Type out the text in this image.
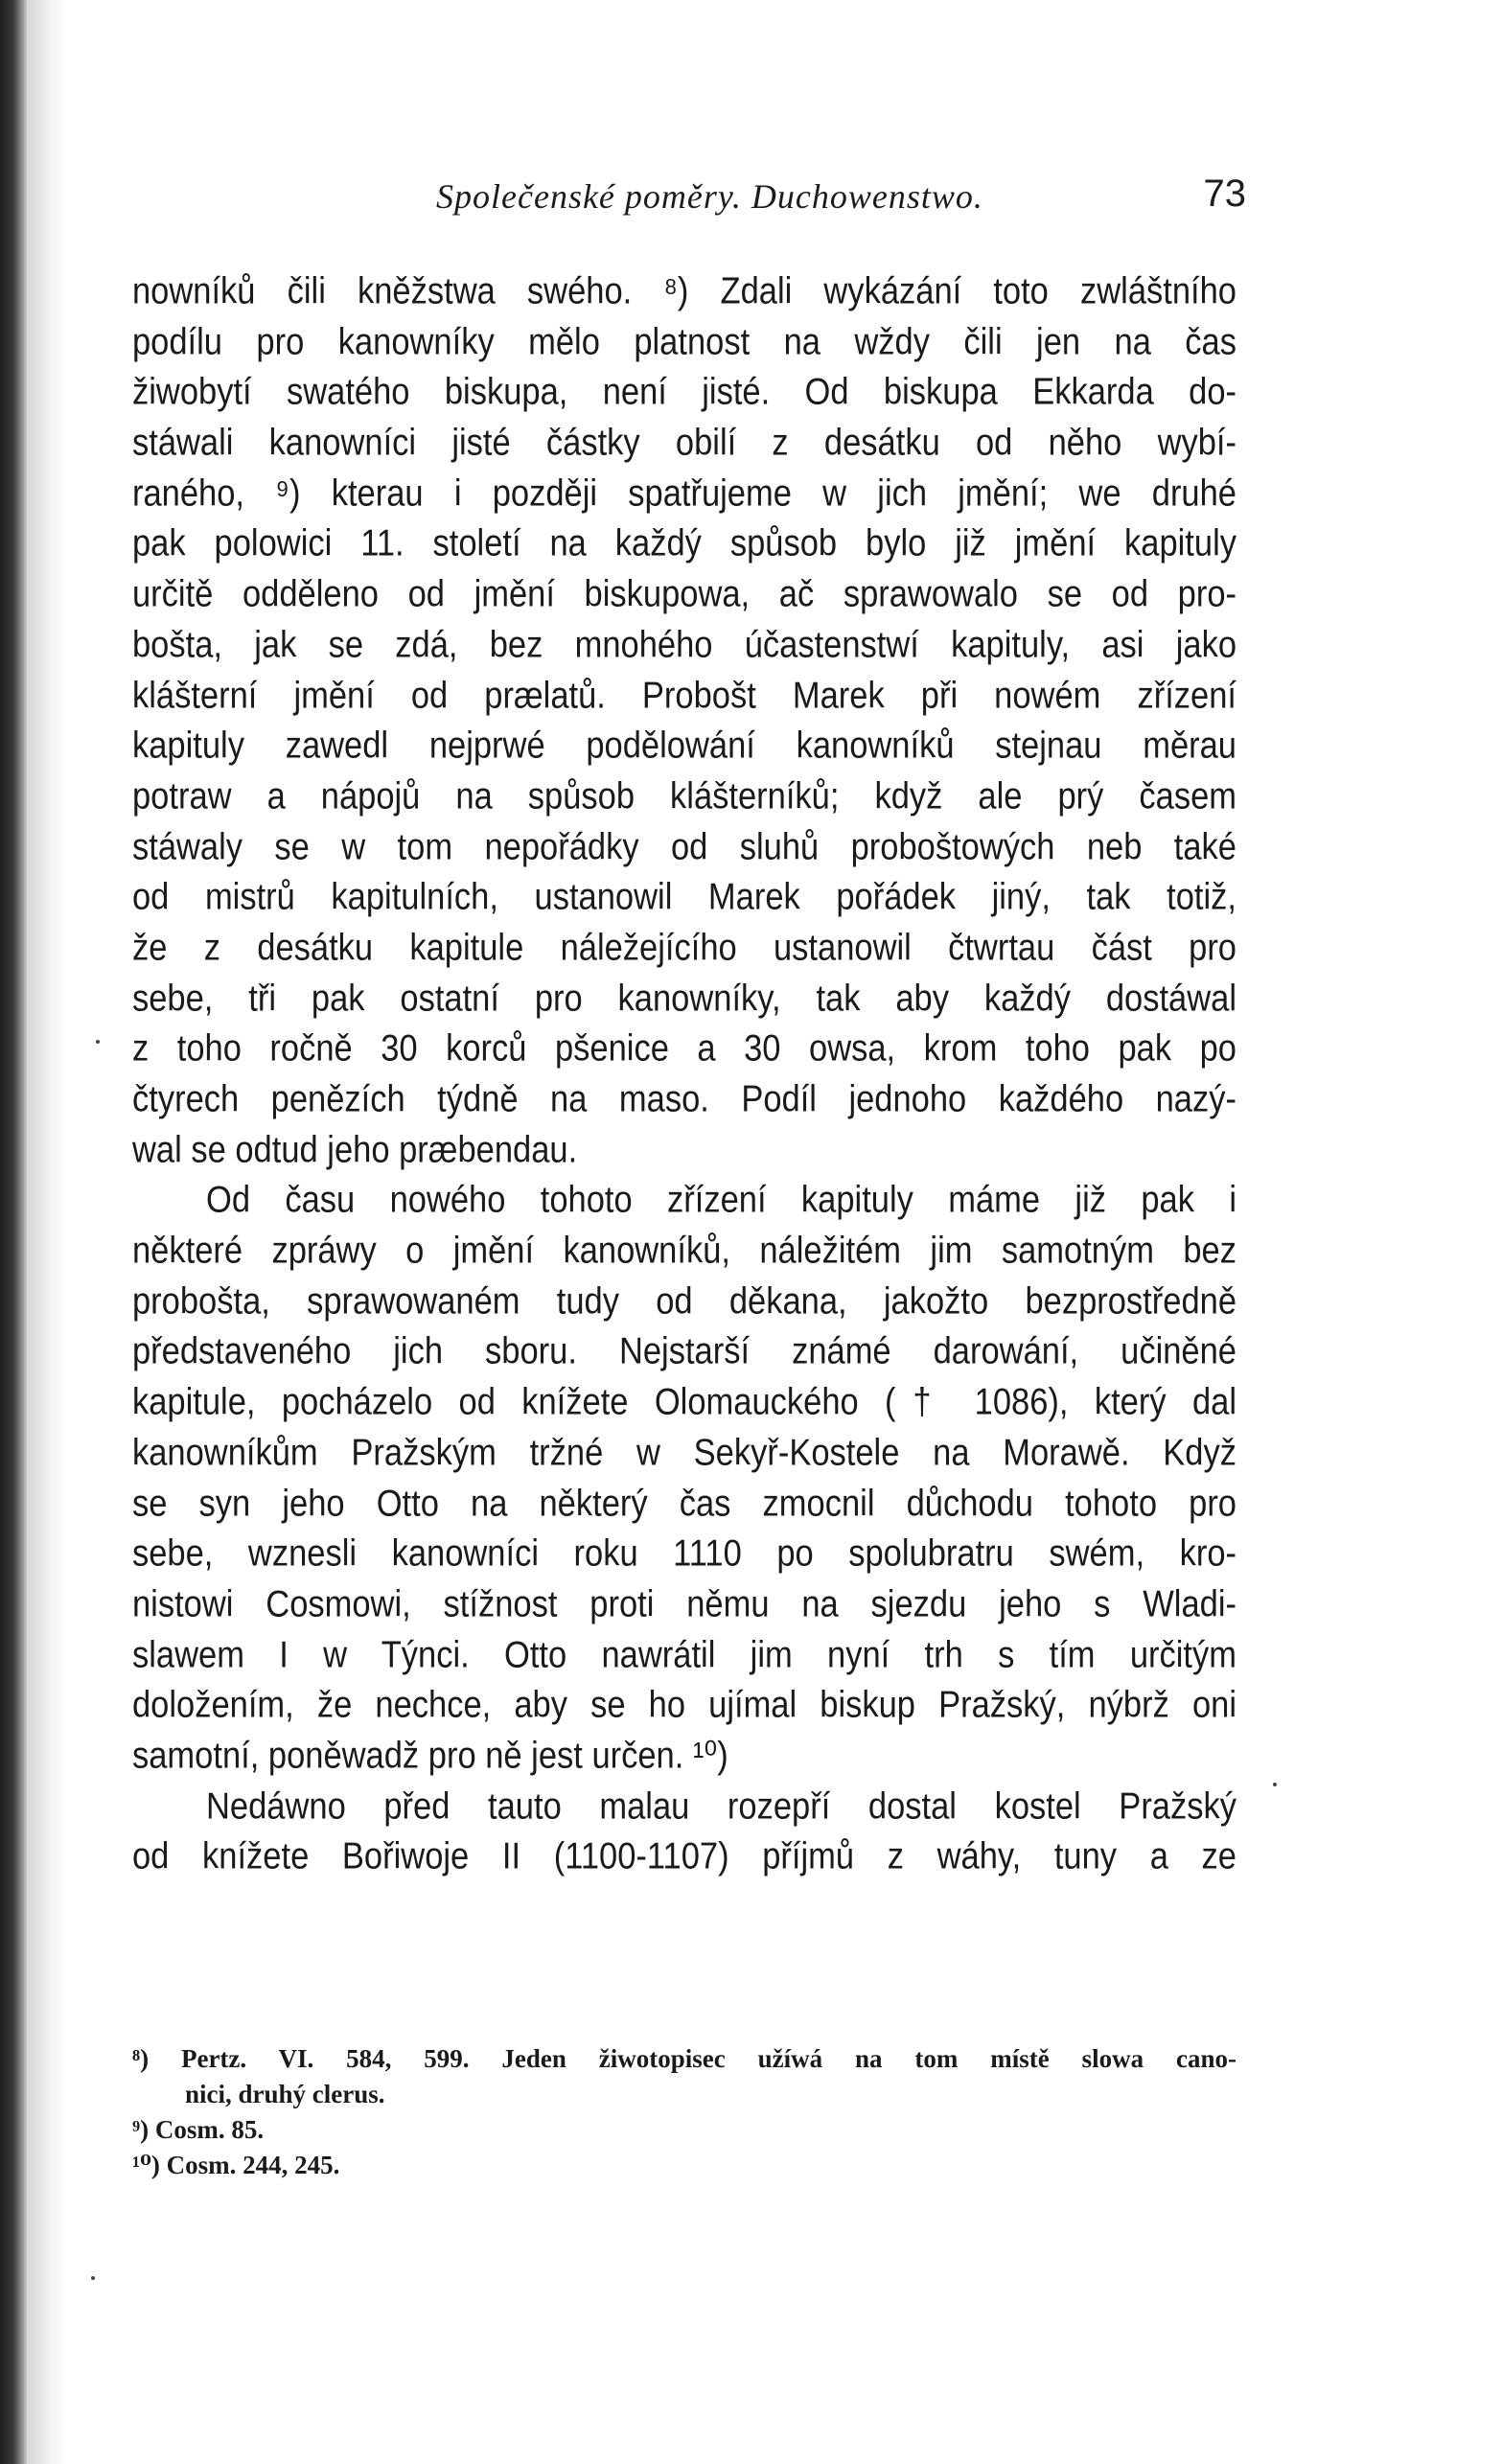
Společenské poměry. Duchowenstwo.	73
nowníků čili kněžstwa swého. ⁸) Zdali wykázání toto zwláštního
podílu pro kanowníky mělo platnost na wždy čili jen na čas
žiwobytí swatého biskupa, není jisté. Od biskupa Ekkarda do-
stáwali kanowníci jisté částky obilí z desátku od něho wybí-
raného, ⁹) kterau i později spatřujeme w jich jmění; we druhé
pak polowici 11. století na každý spůsob bylo již jmění kapituly
určitě odděleno od jmění biskupowa, ač sprawowalo se od pro-
bošta, jak se zdá, bez mnohého účastenstwí kapituly, asi jako
klášterní jmění od prælatů. Probošt Marek při nowém zřízení
kapituly zawedl nejprwé podělowání kanowníků stejnau měrau
potraw a nápojů na spůsob klášterníků; když ale prý časem
stáwaly se w tom nepořádky od sluhů proboštowých neb také
od mistrů kapitulních, ustanowil Marek pořádek jiný, tak totiž,
že z desátku kapitule náležejícího ustanowil čtwrtau část pro
sebe, tři pak ostatní pro kanowníky, tak aby každý dostáwal
z toho ročně 30 korců pšenice a 30 owsa, krom toho pak po
čtyrech penězích týdně na maso. Podíl jednoho každého nazý-
wal se odtud jeho præbendau.
Od času nowého tohoto zřízení kapituly máme již pak i
některé zpráwy o jmění kanowníků, náležitém jim samotným bez
probošta, sprawowaném tudy od děkana, jakožto bezprostředně
představeného jich sboru. Nejstarší známé darowání, učiněné
kapitule, pocházelo od knížete Olomauckého († 1086), který dal
kanowníkům Pražským tržné w Sekyř-Kostele na Morawě. Když
se syn jeho Otto na některý čas zmocnil důchodu tohoto pro
sebe, wznesli kanowníci roku 1110 po spolubratru swém, kro-
nistowi Cosmowi, stížnost proti němu na sjezdu jeho s Wladi-
slawem I w Týnci. Otto nawrátil jim nyní trh s tím určitým
doložením, že nechce, aby se ho ujímal biskup Pražský, nýbrž oni
samotní, poněwadž pro ně jest určen. ¹⁰)
Nedáwno před tauto malau rozepří dostal kostel Pražský
od knížete Bořiwoje II (1100-1107) příjmů z wáhy, tuny a ze
⁸) Pertz. VI. 584, 599. Jeden žiwotopisec užíwá na tom místě slowa cano-
nici, druhý clerus.
⁹) Cosm. 85.
¹⁰) Cosm. 244, 245.
